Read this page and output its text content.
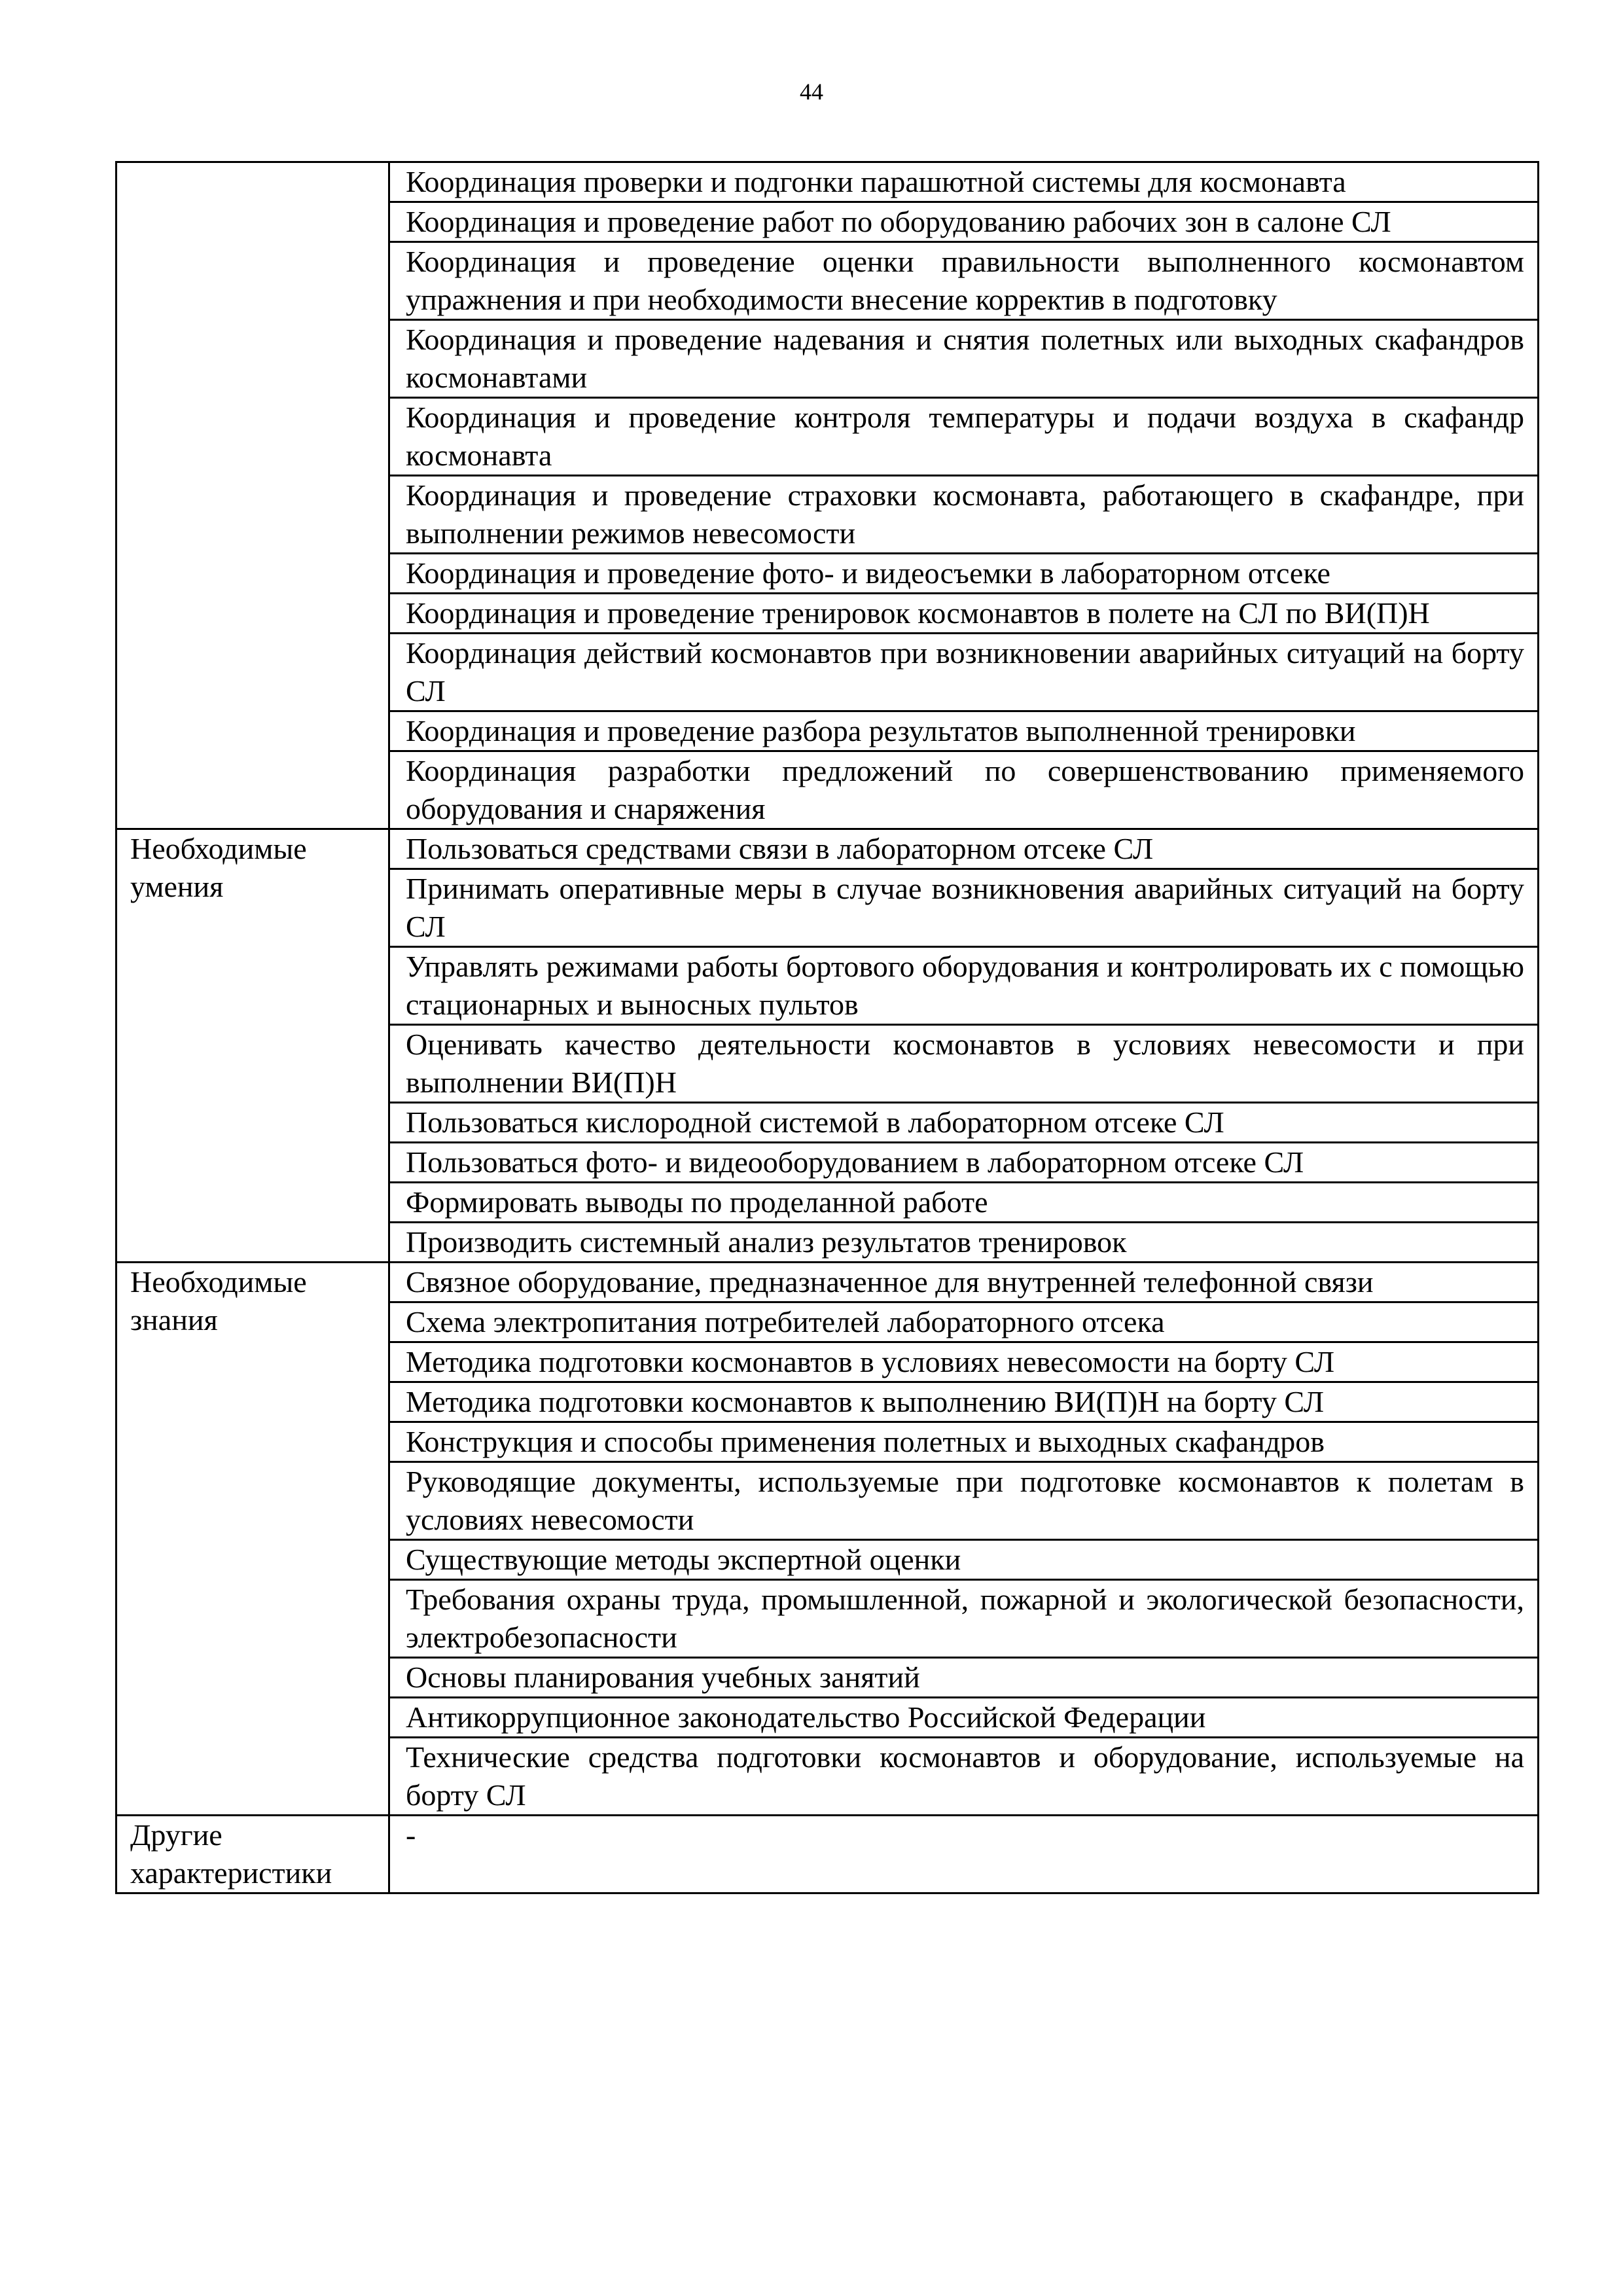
44
	Координация проверки и подгонки парашютной системы для космонавта
	Координация и проведение работ по оборудованию рабочих зон в салоне СЛ
	Координация и проведение оценки правильности выполненного космонавтом упражнения и при необходимости внесение корректив в подготовку
	Координация и проведение надевания и снятия полетных или выходных скафандров космонавтами
	Координация и проведение контроля температуры и подачи воздуха в скафандр космонавта
	Координация и проведение страховки космонавта, работающего в скафандре, при выполнении режимов невесомости
	Координация и проведение фото- и видеосъемки в лабораторном отсеке
	Координация и проведение тренировок космонавтов в полете на СЛ по ВИ(П)Н
	Координация действий космонавтов при возникновении аварийных ситуаций на борту СЛ
	Координация и проведение разбора результатов выполненной тренировки
	Координация разработки предложений по совершенствованию применяемого оборудования и снаряжения
Необходимые умения	Пользоваться средствами связи в лабораторном отсеке СЛ
	Принимать оперативные меры в случае возникновения аварийных ситуаций на борту СЛ
	Управлять режимами работы бортового оборудования и контролировать их с помощью стационарных и выносных пультов
	Оценивать качество деятельности космонавтов в условиях невесомости и при выполнении ВИ(П)Н
	Пользоваться кислородной системой в лабораторном отсеке СЛ
	Пользоваться фото- и видеооборудованием в лабораторном отсеке СЛ
	Формировать выводы по проделанной работе
	Производить системный анализ результатов тренировок
Необходимые знания	Связное оборудование, предназначенное для внутренней телефонной связи
	Схема электропитания потребителей лабораторного отсека
	Методика подготовки космонавтов в условиях невесомости на борту СЛ
	Методика подготовки космонавтов к выполнению ВИ(П)Н на борту СЛ
	Конструкция и способы применения полетных и выходных скафандров
	Руководящие документы, используемые при подготовке космонавтов к полетам в условиях невесомости
	Существующие методы экспертной оценки
	Требования охраны труда, промышленной, пожарной и экологической безопасности, электробезопасности
	Основы планирования учебных занятий
	Антикоррупционное законодательство Российской Федерации
	Технические средства подготовки космонавтов и оборудование, используемые на борту СЛ
Другие характеристики	-
